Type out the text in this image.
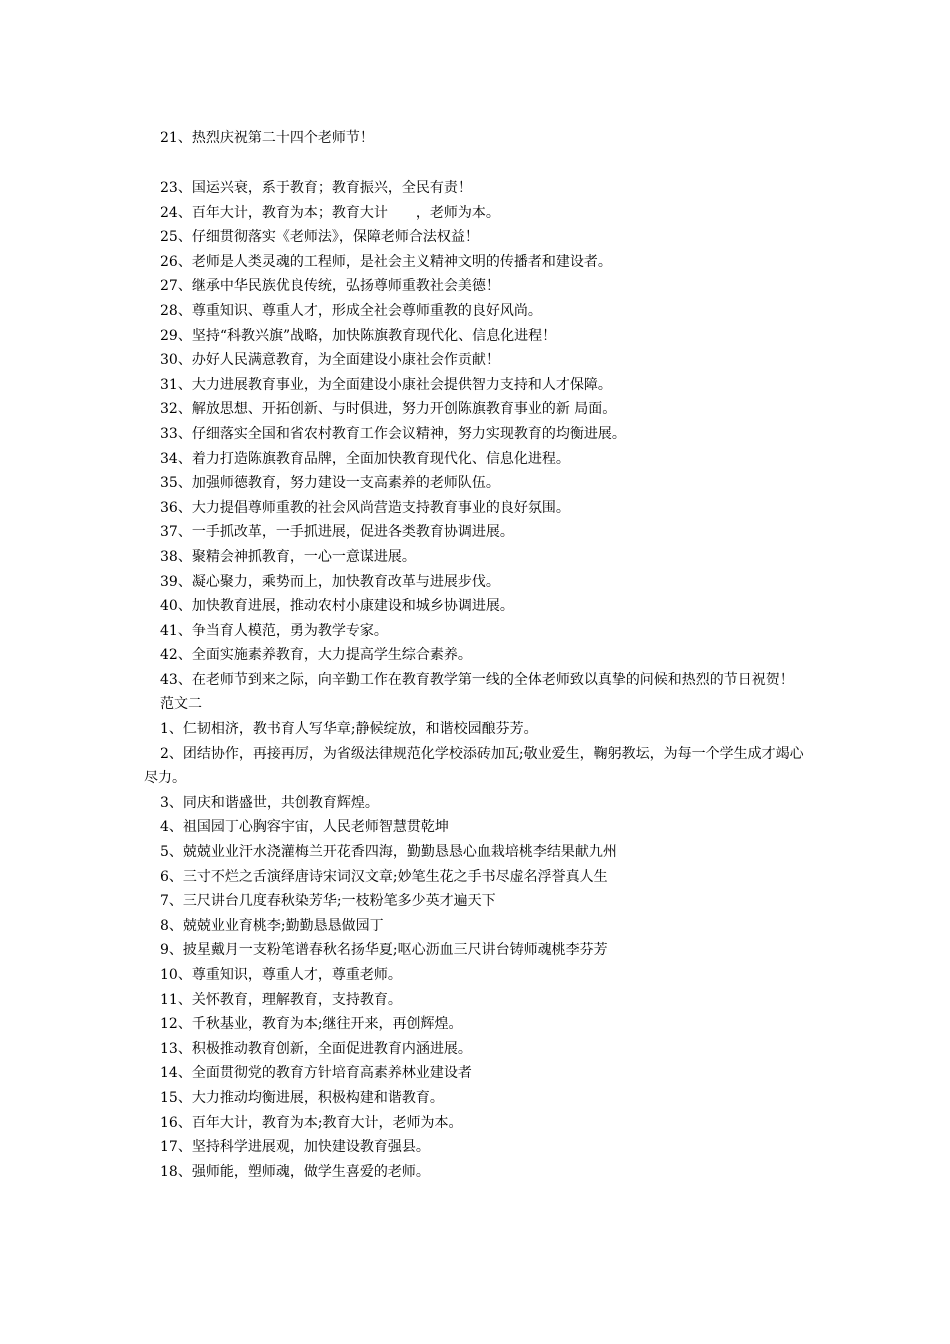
21、热烈庆祝第二十四个老师节！
23、国运兴衰，系于教育；教育振兴，全民有责！
24、百年大计，教育为本；教育大计　　，老师为本。
25、仔细贯彻落实《老师法》，保障老师合法权益！
26、老师是人类灵魂的工程师，是社会主义精神文明的传播者和建设者。
27、继承中华民族优良传统，弘扬尊师重教社会美德！
28、尊重知识、尊重人才，形成全社会尊师重教的良好风尚。
29、坚持“科教兴旗”战略，加快陈旗教育现代化、信息化进程！
30、办好人民满意教育，为全面建设小康社会作贡献！
31、大力进展教育事业，为全面建设小康社会提供智力支持和人才保障。
32、解放思想、开拓创新、与时俱进，努力开创陈旗教育事业的新 局面。
33、仔细落实全国和省农村教育工作会议精神，努力实现教育的均衡进展。
34、着力打造陈旗教育品牌，全面加快教育现代化、信息化进程。
35、加强师德教育，努力建设一支高素养的老师队伍。
36、大力提倡尊师重教的社会风尚营造支持教育事业的良好氛围。
37、一手抓改革，一手抓进展，促进各类教育协调进展。
38、聚精会神抓教育，一心一意谋进展。
39、凝心聚力，乘势而上，加快教育改革与进展步伐。
40、加快教育进展，推动农村小康建设和城乡协调进展。
41、争当育人模范，勇为教学专家。
42、全面实施素养教育，大力提高学生综合素养。
43、在老师节到来之际，向辛勤工作在教育教学第一线的全体老师致以真挚的问候和热烈的节日祝贺！
范文二
1、仁韧相济，教书育人写华章;静候绽放，和谐校园酿芬芳。
2、团结协作，再接再厉，为省级法律规范化学校添砖加瓦;敬业爱生，鞠躬教坛，为每一个学生成才竭心尽力。
3、同庆和谐盛世，共创教育辉煌。
4、祖国园丁心胸容宇宙，人民老师智慧贯乾坤
5、兢兢业业汗水浇灌梅兰开花香四海，勤勤恳恳心血栽培桃李结果献九州
6、三寸不烂之舌演绎唐诗宋词汉文章;妙笔生花之手书尽虚名浮誉真人生
7、三尺讲台几度春秋染芳华;一枝粉笔多少英才遍天下
8、兢兢业业育桃李;勤勤恳恳做园丁
9、披星戴月一支粉笔谱春秋名扬华夏;呕心沥血三尺讲台铸师魂桃李芬芳
10、尊重知识，尊重人才，尊重老师。
11、关怀教育，理解教育，支持教育。
12、千秋基业，教育为本;继往开来，再创辉煌。
13、积极推动教育创新，全面促进教育内涵进展。
14、全面贯彻党的教育方针培育高素养林业建设者
15、大力推动均衡进展，积极构建和谐教育。
16、百年大计，教育为本;教育大计，老师为本。
17、坚持科学进展观，加快建设教育强县。
18、强师能，塑师魂，做学生喜爱的老师。
